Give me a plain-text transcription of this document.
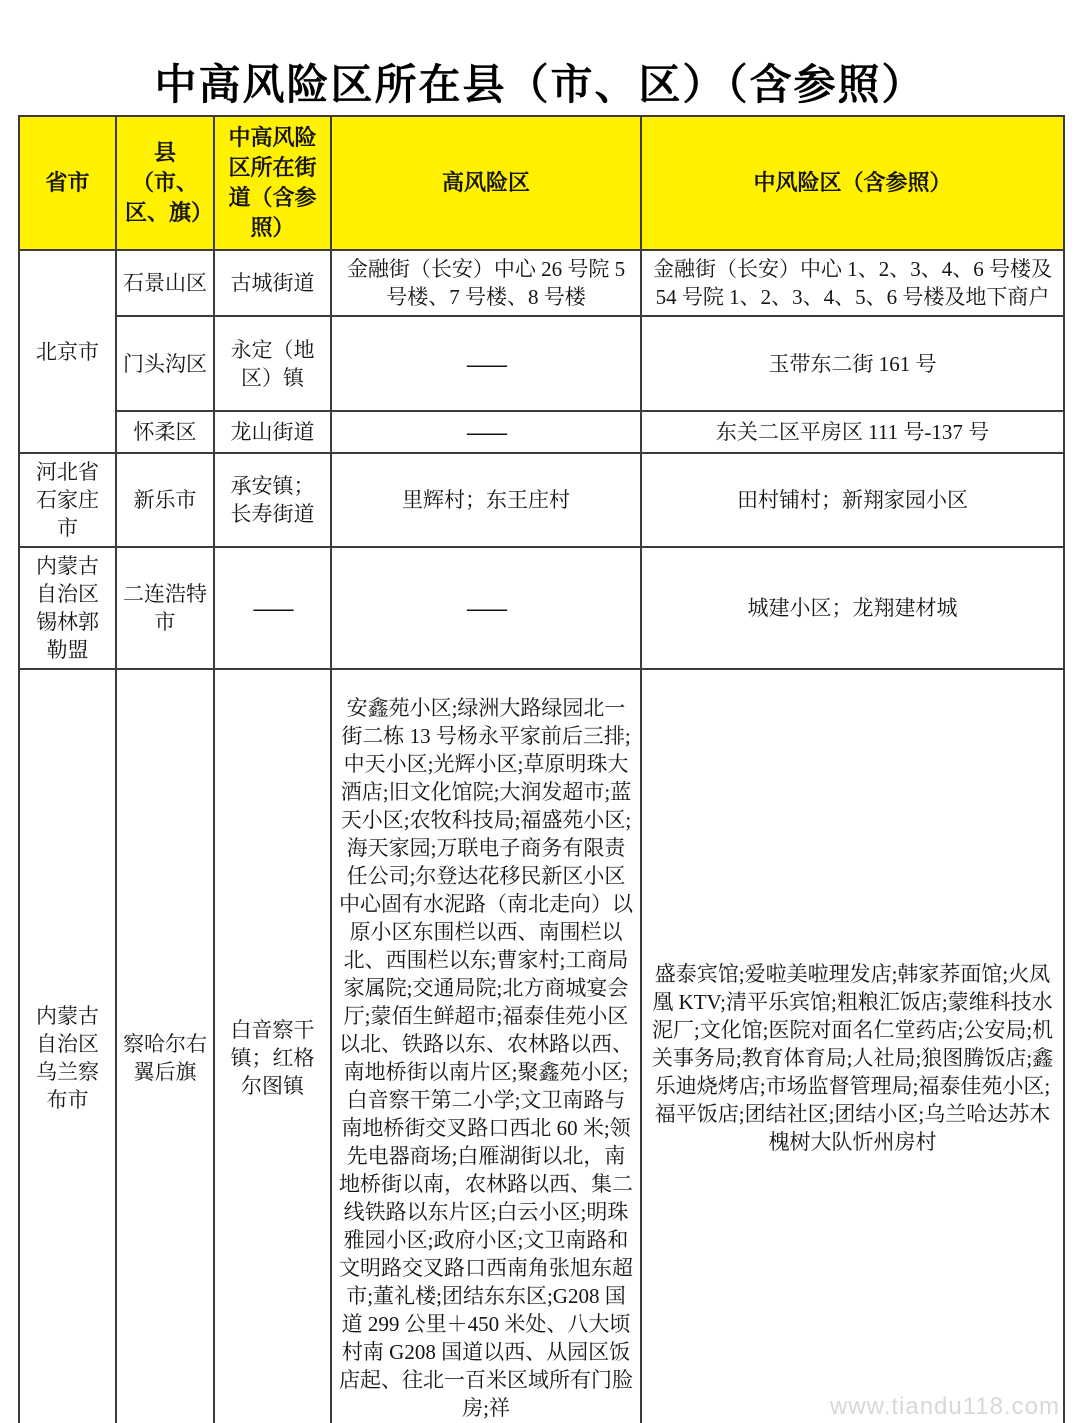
中高风险区所在县（市、区）（含参照）
省市	县（市、区、旗）	中高风险区所在街道（含参照）	高风险区	中风险区（含参照）
北京市	石景山区	古城街道	金融街（长安）中心 26 号院 5 号楼、7 号楼、8 号楼	金融街（长安）中心 1、2、3、4、6 号楼及 54 号院 1、2、3、4、5、6 号楼及地下商户
	门头沟区	永定（地区）镇	——	玉带东二街 161 号
	怀柔区	龙山街道	——	东关二区平房区 111 号-137 号
河北省石家庄市	新乐市	承安镇；长寿街道	里辉村；东王庄村	田村铺村；新翔家园小区
内蒙古自治区锡林郭勒盟	二连浩特市	——	——	城建小区；龙翔建材城
内蒙古自治区乌兰察布市	察哈尔右翼后旗	白音察干镇；红格尔图镇	安鑫苑小区;绿洲大路绿园北一街二栋 13 号杨永平家前后三排;中天小区;光辉小区;草原明珠大酒店;旧文化馆院;大润发超市;蓝天小区;农牧科技局;福盛苑小区;海天家园;万联电子商务有限责任公司;尔登达花移民新区小区中心固有水泥路（南北走向）以原小区东围栏以西、南围栏以北、西围栏以东;曹家村;工商局家属院;交通局院;北方商城宴会厅;蒙佰生鲜超市;福泰佳苑小区以北、铁路以东、农林路以西、南地桥街以南片区;聚鑫苑小区;白音察干第二小学;文卫南路与南地桥街交叉路口西北 60 米;领先电器商场;白雁湖街以北，南地桥街以南，农林路以西、集二线铁路以东片区;白云小区;明珠雅园小区;政府小区;文卫南路和文明路交叉路口西南角张旭东超市;董礼楼;团结东东区;G208 国道 299 公里＋450 米处、八大顷村南 G208 国道以西、从园区饭店起、往北一百米区域所有门脸房;祥	盛泰宾馆;爱啦美啦理发店;韩家荞面馆;火凤凰 KTV;清平乐宾馆;粗粮汇饭店;蒙维科技水泥厂;文化馆;医院对面名仁堂药店;公安局;机关事务局;教育体育局;人社局;狼图腾饭店;鑫乐迪烧烤店;市场监督管理局;福泰佳苑小区;福平饭店;团结社区;团结小区;乌兰哈达苏木槐树大队忻州房村
www.tiandu118.com
